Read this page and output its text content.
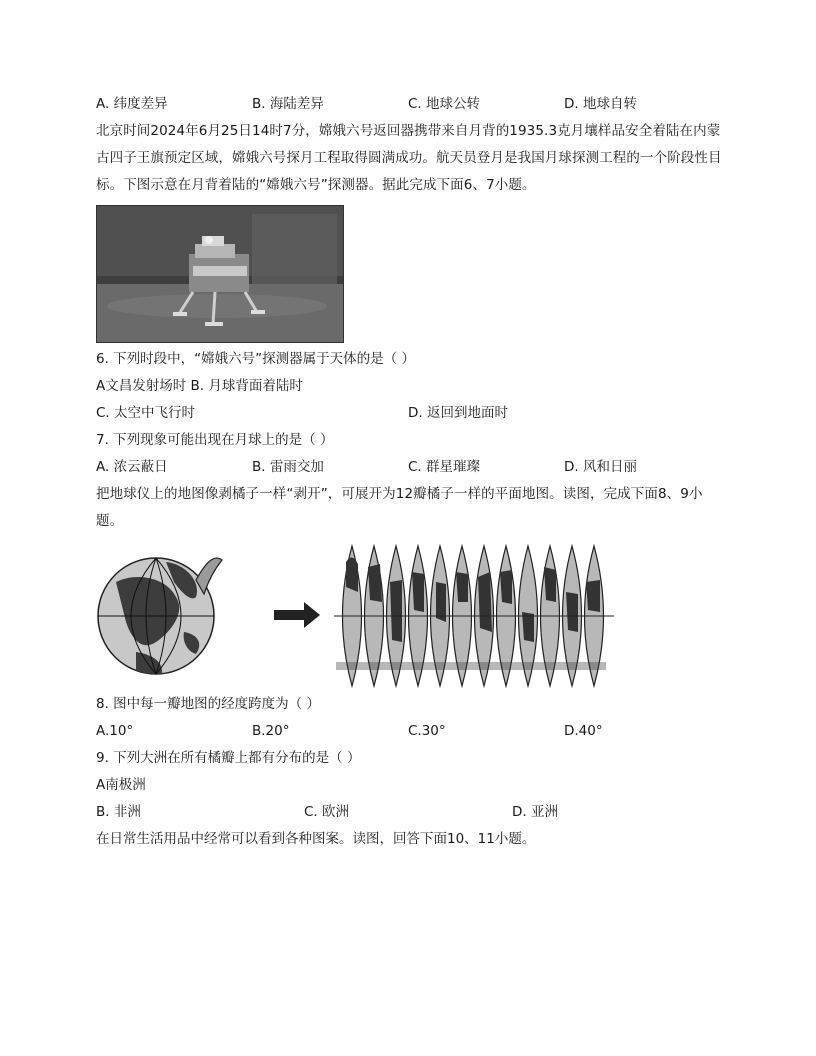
A. 纬度差异	B. 海陆差异	C. 地球公转	D. 地球自转
北京时间2024年6月25日14时7分，嫦娥六号返回器携带来自月背的1935.3克月壤样品安全着陆在内蒙古四子王旗预定区域，嫦娥六号探月工程取得圆满成功。航天员登月是我国月球探测工程的一个阶段性目标。下图示意在月背着陆的“嫦娥六号”探测器。据此完成下面6、7小题。
6. 下列时段中，“嫦娥六号”探测器属于天体的是（ ）
A文昌发射场时 B. 月球背面着陆时
C. 太空中飞行时	D. 返回到地面时
7. 下列现象可能出现在月球上的是（ ）
A. 浓云蔽日	B. 雷雨交加	C. 群星璀璨	D. 风和日丽
把地球仪上的地图像剥橘子一样“剥开”，可展开为12瓣橘子一样的平面地图。读图，完成下面8、9小题。
8. 图中每一瓣地图的经度跨度为（ ）
A.10°	B.20°	C.30°	D.40°
9. 下列大洲在所有橘瓣上都有分布的是（ ）
A南极洲
B. 非洲	C. 欧洲	D. 亚洲
在日常生活用品中经常可以看到各种图案。读图，回答下面10、11小题。
